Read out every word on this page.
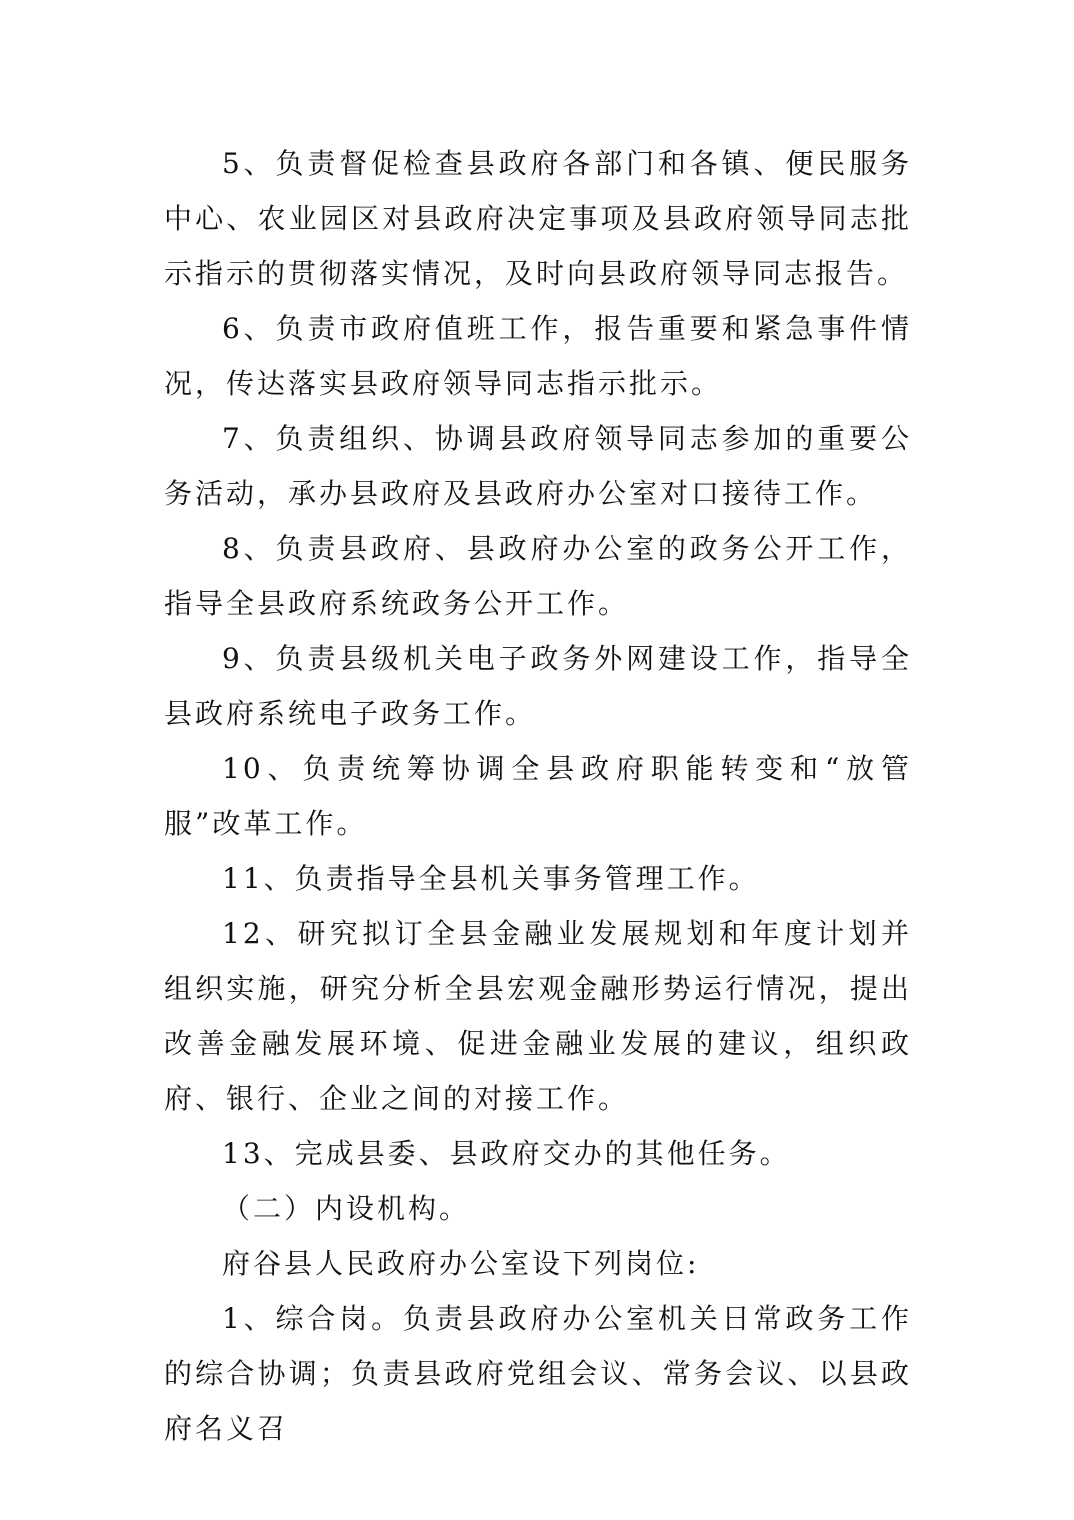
5、负责督促检查县政府各部门和各镇、便民服务中心、农业园区对县政府决定事项及县政府领导同志批示指示的贯彻落实情况，及时向县政府领导同志报告。

6、负责市政府值班工作，报告重要和紧急事件情况，传达落实县政府领导同志指示批示。

7、负责组织、协调县政府领导同志参加的重要公务活动，承办县政府及县政府办公室对口接待工作。

8、负责县政府、县政府办公室的政务公开工作，指导全县政府系统政务公开工作。

9、负责县级机关电子政务外网建设工作，指导全县政府系统电子政务工作。

10、负责统筹协调全县政府职能转变和“放管服”改革工作。

11、负责指导全县机关事务管理工作。

12、研究拟订全县金融业发展规划和年度计划并组织实施，研究分析全县宏观金融形势运行情况，提出改善金融发展环境、促进金融业发展的建议，组织政府、银行、企业之间的对接工作。

13、完成县委、县政府交办的其他任务。

（二）内设机构。

府谷县人民政府办公室设下列岗位:

1、综合岗。负责县政府办公室机关日常政务工作的综合协调；负责县政府党组会议、常务会议、以县政府名义召
